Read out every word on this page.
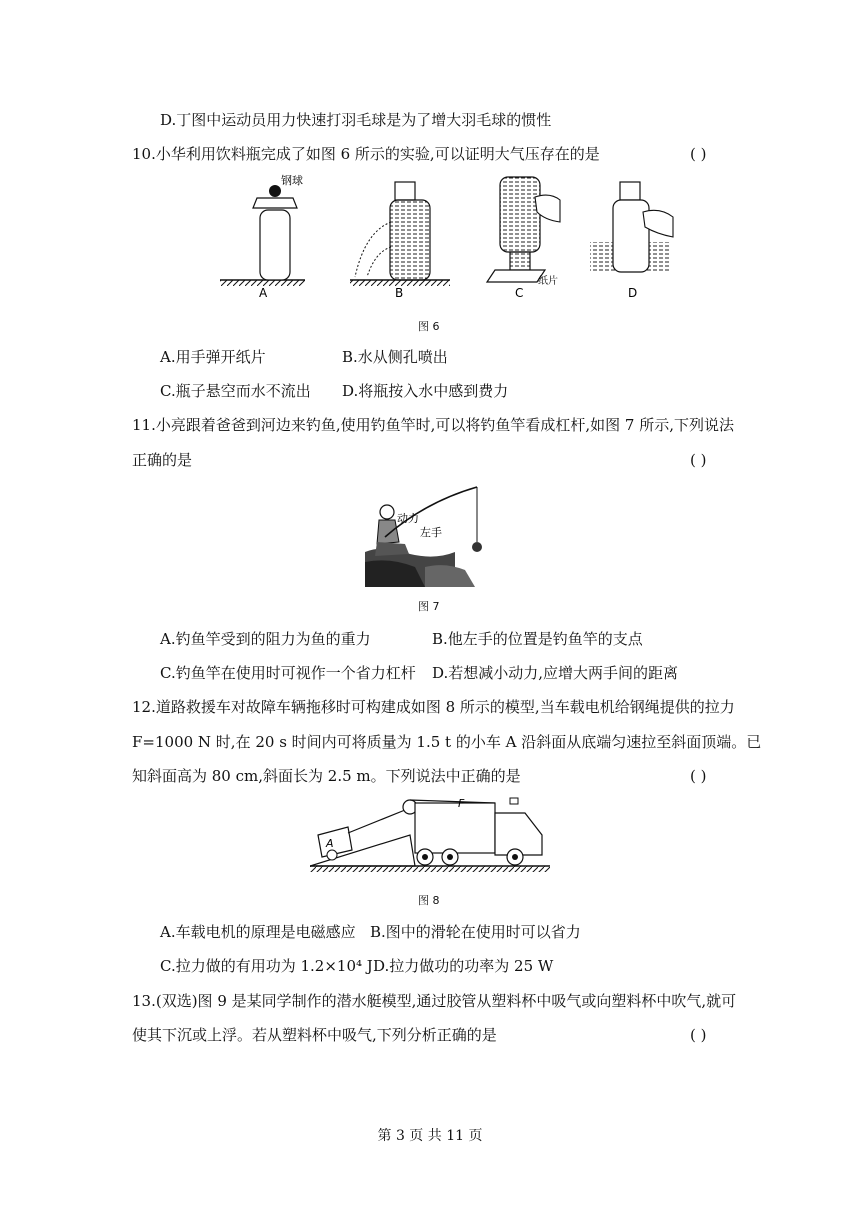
D.丁图中运动员用力快速打羽毛球是为了增大羽毛球的惯性
10.小华利用饮料瓶完成了如图 6 所示的实验,可以证明大气压存在的是	( )
钢球
A	B
纸片
C	D
图 6
A.用手弹开纸片	B.水从侧孔喷出
C.瓶子悬空而水不流出 D.将瓶按入水中感到费力
11.小亮跟着爸爸到河边来钓鱼,使用钓鱼竿时,可以将钓鱼竿看成杠杆,如图 7 所示,下列说法
正确的是	( )
动力
左手
图 7
A.钓鱼竿受到的阻力为鱼的重力	B.他左手的位置是钓鱼竿的支点
C.钓鱼竿在使用时可视作一个省力杠杆 D.若想减小动力,应增大两手间的距离
12.道路救援车对故障车辆拖移时可构建成如图 8 所示的模型,当车载电机给钢绳提供的拉力
F=1000 N 时,在 20 s 时间内可将质量为 1.5 t 的小车 A 沿斜面从底端匀速拉至斜面顶端。已
知斜面高为 80 cm,斜面长为 2.5 m。下列说法中正确的是	( )
F
A
图 8
A.车载电机的原理是电磁感应 B.图中的滑轮在使用时可以省力
C.拉力做的有用功为 1.2×10⁴ J D.拉力做功的功率为 25 W
13.(双选)图 9 是某同学制作的潜水艇模型,通过胶管从塑料杯中吸气或向塑料杯中吹气,就可
使其下沉或上浮。若从塑料杯中吸气,下列分析正确的是	( )
第 3 页 共 11 页
